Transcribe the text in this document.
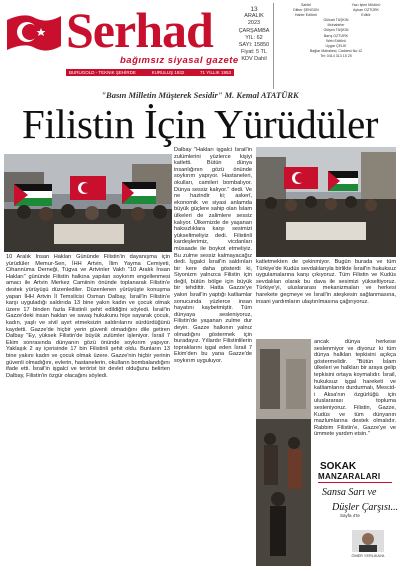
Serhad
bağımsız siyasal gazete
BURUGOLD - TEKNIK ŞEHİRDE	KURULUŞ 1932	71 YILLIK 1953
13
ARALIK
2023
ÇARŞAMBA
YIL: 62
SAYI: 15850
Fiyat: 5 TL KDV Dahil
Sahibi	Yazı İşleri Müdürü
Dilber ŞENGÜN	Ayhan OZTÜRK
Haber Editörü	Editör
Gülsah TAŞKIN
Muhabirler
Gülşen TAŞKIN
Barış OZTÜRK
Web Editörü
Uygar ÇELİK
Bağlar Mahallesi, Caddesi No:12
Tel: 0414 313 15 25
"Basın Milletin Müşterek Sesidir" M. Kemal ATATÜRK
Filistin İçin Yürüdüler
10 Aralık İnsan Hakları Gününde Filistin'in dayanışma için yürüdüler Memur-Sen, İHH Artvin, İlim Yayma Cemiyeti, Cihannüma Derneği, Tügva ve Artvinler Vakfı "10 Aralık İnsan Hakları" gününde Filistin halkına yapılan soykırım engellenmesi amacı ile Artvin Merkez Camiinin önünde toplanarak Filistin'e destek yürüyüşü düzenlediler. Düzenlenen yürüyüşte konuşma yapan İHH Artvin İl Temsilcisi Osman Dalbay, İsrail'in Filistin'e karşı uyguladığı saldırıda 13 bine yakın kadın ve çocuk olmak üzere 17 binden fazla Filistinli şehit edildiğini söyledi. İsrail'in Gazze'deki insan hakları ve savaş hukukunu hiçe sayarak çocuk, kadın, yaşlı ve sivil ayırt etmeksizin saldırılarını sürdürdüğünü kaydetti. Gazze'de hiçbir yerin güvenli olmadığını dile getiren Dalbay "Ey, yüksek Filistin'de büyük zulümler işleniyor. İsrail 7 Ekim sonrasında dünyanın gözü önünde soykırım yapıyor. Yaklaşık 2 ay içerisinde 17 bin Filistinli şehit oldu. Bunların 13 bine yakını kadın ve çocuk olmak üzere. Gazze'nin hiçbir yerinin güvenli olmadığını, evlerin, hastanelerin, okulların bombalandığını ifade etti. İsrail'in işgalci ve terörist bir devlet olduğunu belirten Dalbay, Filistin'in özgür olacağını söyledi.
Dalbay "Hakları işgalci İsrail'in zulümlerini yüzlerce kişiyi katletti. Bütün dünya insanlığının gözü önünde soykırım yapıyor. Hastaneleri, okulları, camileri bombalıyor. Dünya sessiz kalıyor." dedi. Ve ne hazindir ki; askerî, ekonomik ve siyasi anlamda büyük güçlere sahip olan İslam ülkeleri de zalimlere sessiz kalıyor. Ülkemizde de yaşanan haksızlıklara karşı sesimizi yükseltmeliyiz dedi. Filistinli kardeşlerimiz, vicdanları müsaade ile boykot etmeliyiz. Bu zulme sessiz kalmayacağız dedi. İşgalci İsrail'in saldırıları bir kere daha gösterdi ki, Siyonizm yalnızca Filistin için değil, bütün bölge için büyük bir tehdittir. Hatta Gazze'ye yakın İsrail'in yaptığı katliamlar sonucunda yüzlerce insan hayatını kaybetmiştir. Tüm dünyaya sesleniyoruz, Filistin'de yaşanan zulme dur deyin. Gazze halkının yalnız olmadığını göstermek için buradayız. Yıllardır Filistinlilerin topraklarını işgal eden İsrail 7 Ekim'den bu yana Gazze'de soykırım uyguluyor.
katletmekten de çekinmiyor. Bugün burada ve tüm Türkiye'de Kudüs sevdalılarıyla birlikte İsrail'in hukuksuz uygulamalarına karşı çıkıyoruz. Tüm Filistin ve Kudüs sevdalıları olarak bu dava ile sesimizi yükseltiyoruz. Türkiye'yi, uluslararası mekanizmaları ve herkesi harekete geçmeye ve İsrail'in ateşkesin sağlanmasına, insani yardımların ulaştırılmasına çağırıyoruz.
ancak dünya herkese seslenmiyor ve diyoruz ki tüm dünya halkları tepkisini açıkça göstermelidir. "Bütün İslam ülkeleri ve halkları bir araya gelip tepkisini ortaya koymalıdır. İsrail, hukuksuz işgal hareketi ve katliamlarını durdurmalı, Mescid-i Aksa'nın özgürlüğü için uluslararası topluma sesleniyoruz. Filistin, Gazze, Kudüs ve tüm dünyanın mazlumlarına destek olmalıdır. Rabbim Filistin'e, Gazze'ye ve ümmete yardım etsin."
SOKAK
MANZARALARI
Sansa Sarı ve
Düşler Çarşısı...
Sayfa 4'te
ÖMER YERLİKAYA
